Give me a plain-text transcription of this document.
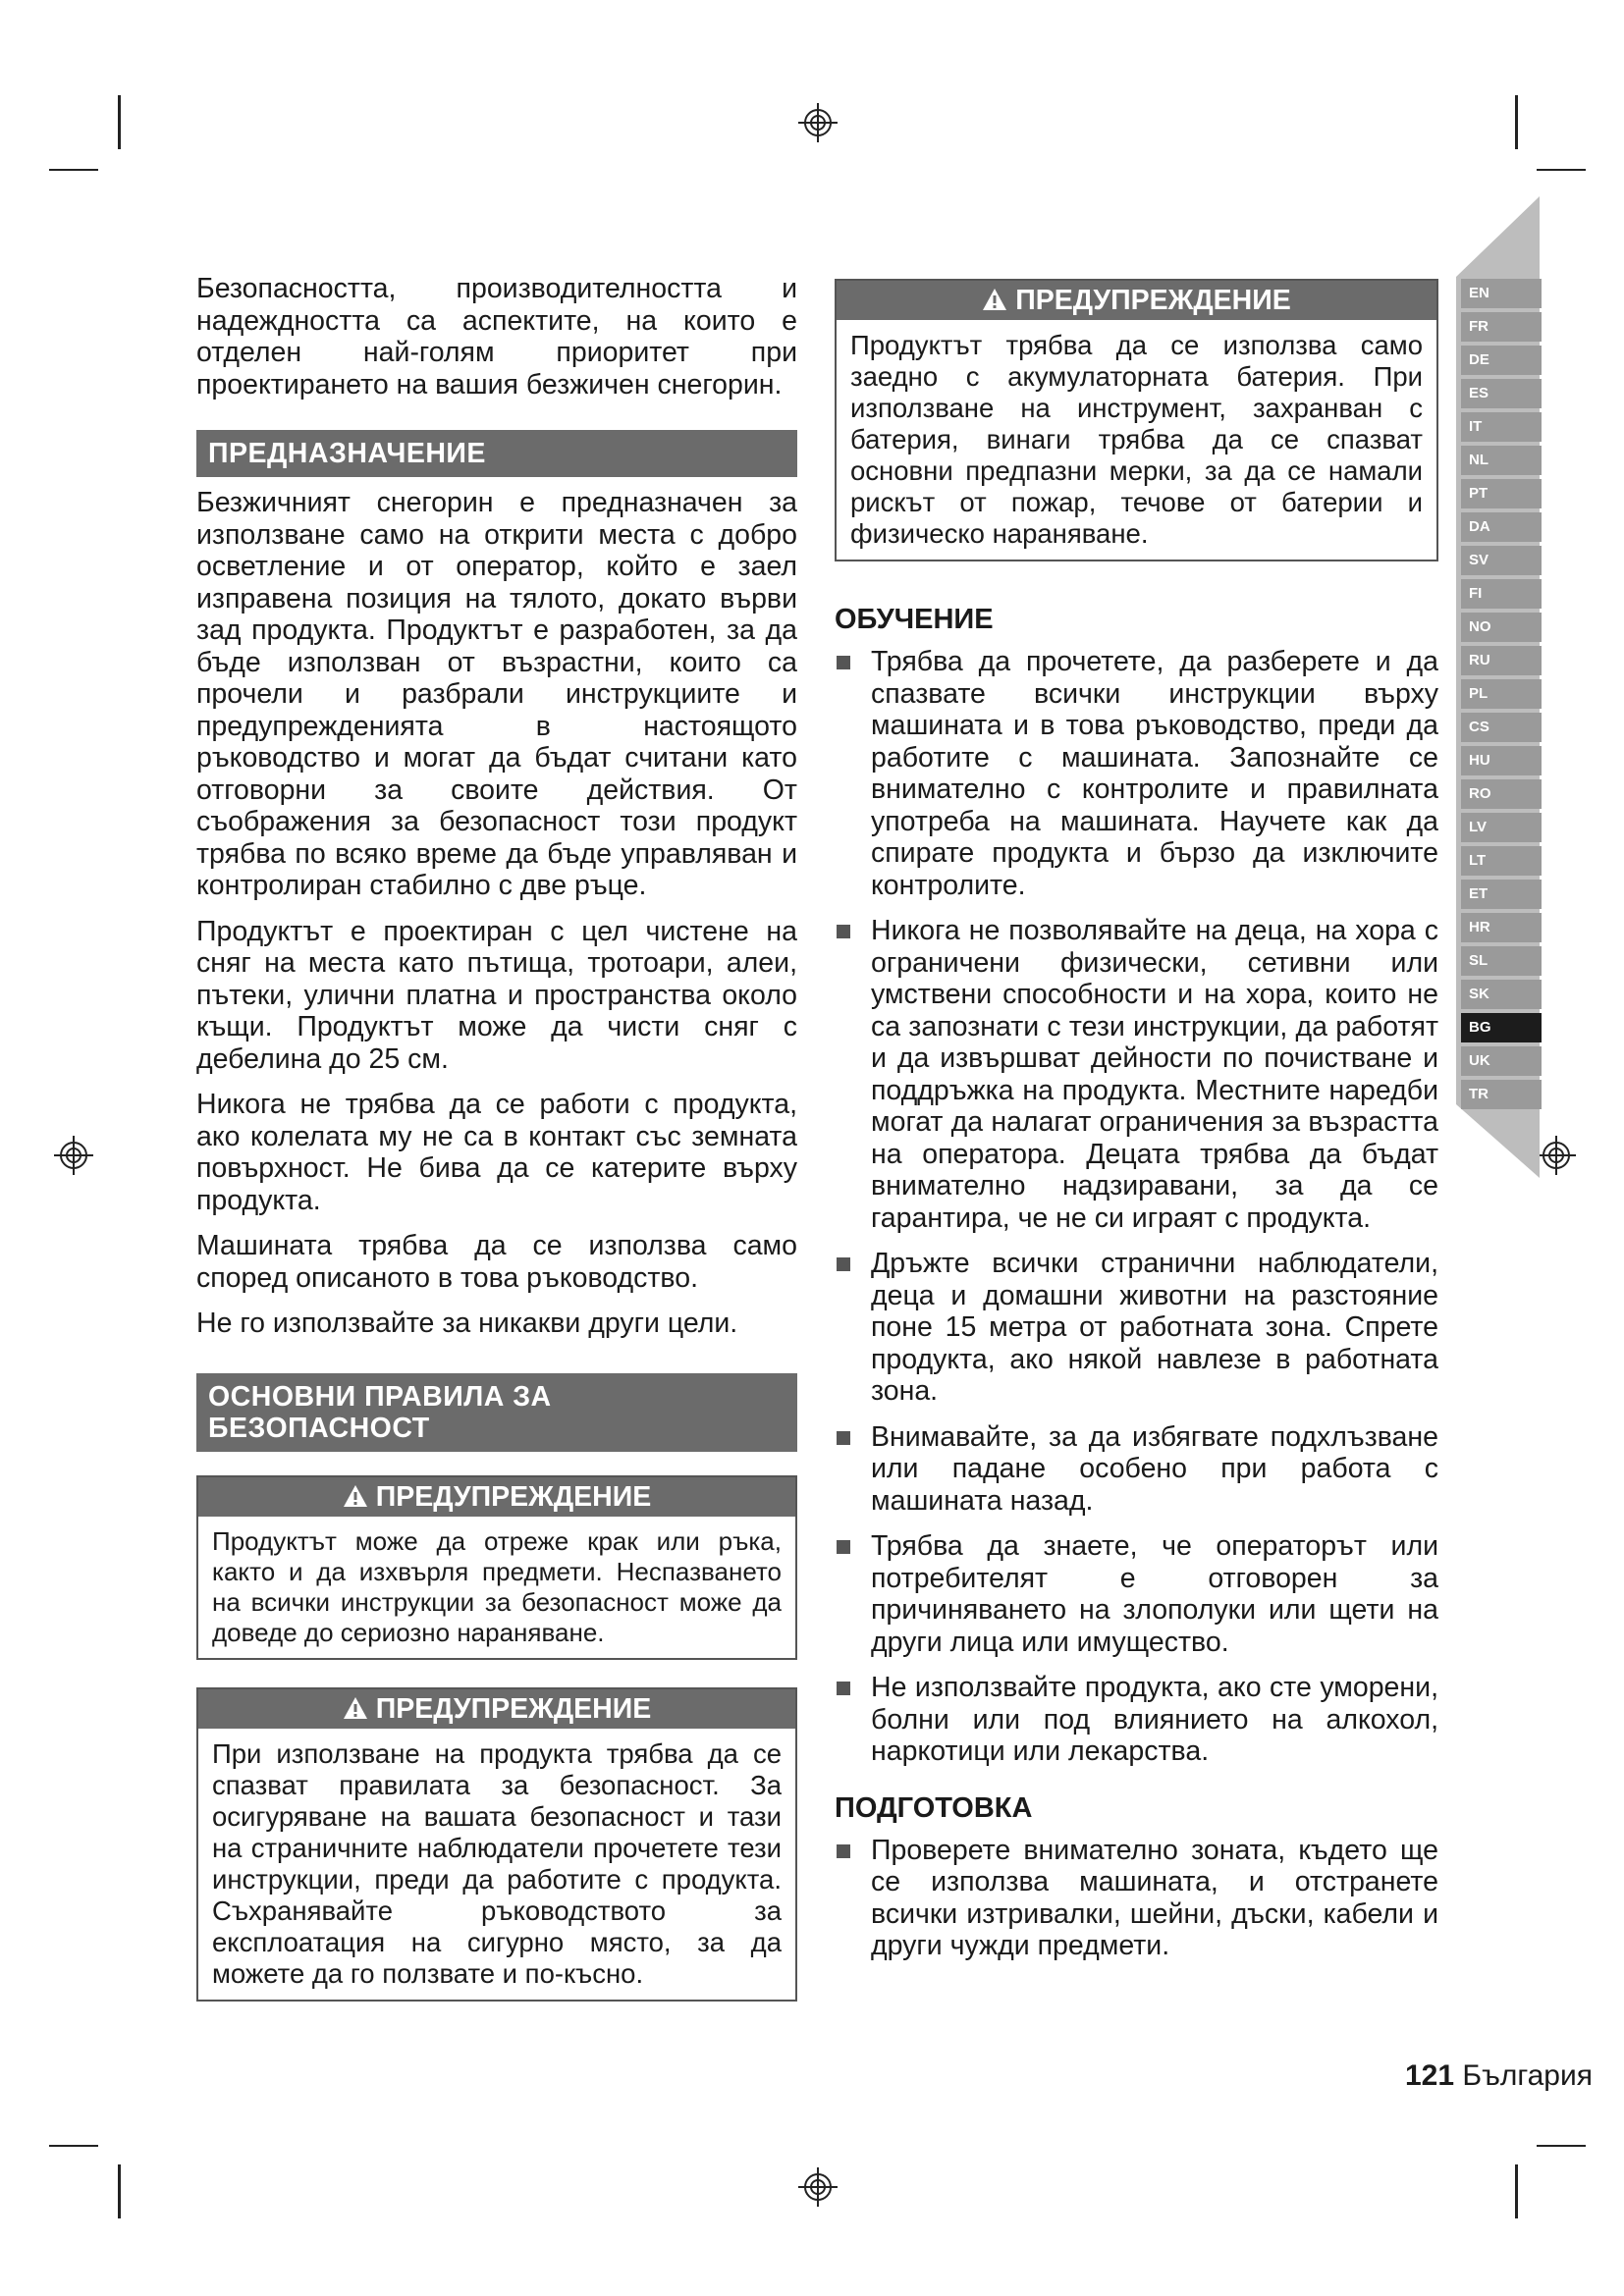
EN
FR
DE
ES
IT
NL
PT
DA
SV
FI
NO
RU
PL
CS
HU
RO
LV
LT
ET
HR
SL
SK
BG
UK
TR

Безопасността, производителността и надеждността са аспектите, на които е отделен най-голям приоритет при проектирането на вашия безжичен снегорин.

ПРЕДНАЗНАЧЕНИЕ

Безжичният снегорин е предназначен за използване само на открити места с добро осветление и от оператор, който е заел изправена позиция на тялото, докато върви зад продукта. Продуктът е разработен, за да бъде използван от възрастни, които са прочели и разбрали инструкциите и предупрежденията в настоящото ръководство и могат да бъдат считани като отговорни за своите действия. От съображения за безопасност този продукт трябва по всяко време да бъде управляван и контролиран стабилно с две ръце.

Продуктът е проектиран с цел чистене на сняг на места като пътища, тротоари, алеи, пътеки, улични платна и пространства около къщи. Продуктът може да чисти сняг с дебелина до 25 см.

Никога не трябва да се работи с продукта, ако колелата му не са в контакт със земната повърхност. Не бива да се катерите върху продукта.

Машината трябва да се използва само според описаното в това ръководство.

Не го използвайте за никакви други цели.

ОСНОВНИ ПРАВИЛА ЗА
БЕЗОПАСНОСТ
ПРЕДУПРЕЖДЕНИЕ
Продуктът може да отреже крак или ръка, както и да изхвърля предмети. Неспазването на всички инструкции за безопасност може да доведе до сериозно нараняване.
ПРЕДУПРЕЖДЕНИЕ
При използване на продукта трябва да се спазват правилата за безопасност. За осигуряване на вашата безопасност и тази на страничните наблюдатели прочетете тези инструкции, преди да работите с продукта. Съхранявайте ръководството за експлоатация на сигурно място, за да можете да го ползвате и по-късно.
ПРЕДУПРЕЖДЕНИЕ
Продуктът трябва да се използва само заедно с акумулаторната батерия. При използване на инструмент, захранван с батерия, винаги трябва да се спазват основни предпазни мерки, за да се намали рискът от пожар, течове от батерии и физическо нараняване.
ОБУЧЕНИЕ
Трябва да прочетете, да разберете и да спазвате всички инструкции върху машината и в това ръководство, преди да работите с машината. Запознайте се внимателно с контролите и правилната употреба на машината. Научете как да спирате продукта и бързо да изключите контролите.
Никога не позволявайте на деца, на хора с ограничени физически, сетивни или умствени способности и на хора, които не са запознати с тези инструкции, да работят и да извършват дейности по почистване и поддръжка на продукта. Местните наредби могат да налагат ограничения за възрастта на оператора. Децата трябва да бъдат внимателно надзиравани, за да се гарантира, че не си играят с продукта.
Дръжте всички странични наблюдатели, деца и домашни животни на разстояние поне 15 метра от работната зона. Спрете продукта, ако някой навлезе в работната зона.
Внимавайте, за да избягвате подхлъзване или падане особено при работа с машината назад.
Трябва да знаете, че операторът или потребителят е отговорен за причиняването на злополуки или щети на други лица или имущество.
Не използвайте продукта, ако сте уморени, болни или под влиянието на алкохол, наркотици или лекарства.
ПОДГОТОВКА
Проверете внимателно зоната, където ще се използва машината, и отстранете всички изтривалки, шейни, дъски, кабели и други чужди предмети.
121 България
